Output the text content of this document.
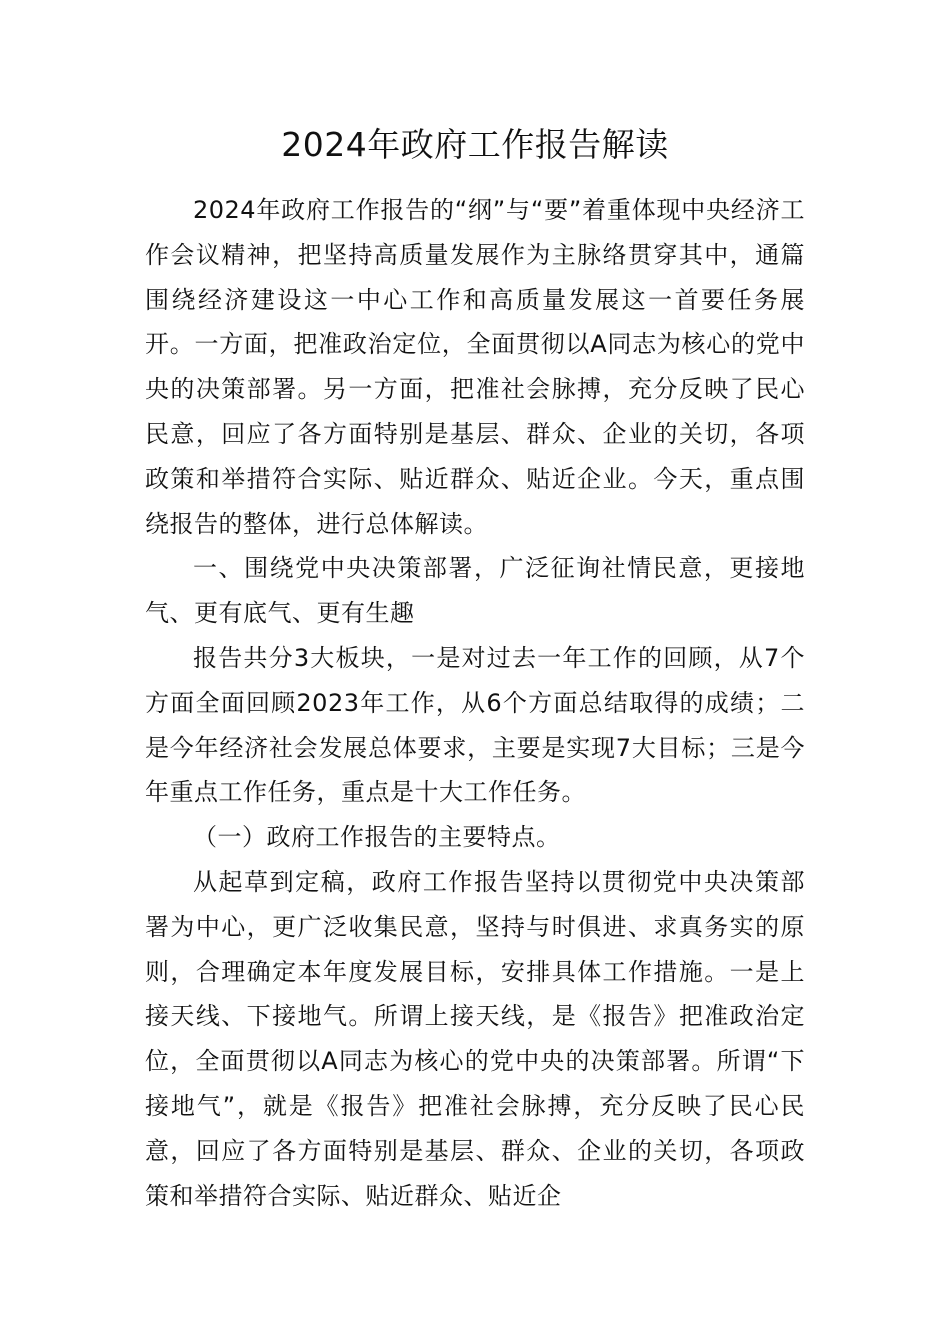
2024年政府工作报告解读

2024年政府工作报告的“纲”与“要”着重体现中央经济工作会议精神，把坚持高质量发展作为主脉络贯穿其中，通篇围绕经济建设这一中心工作和高质量发展这一首要任务展开。一方面，把准政治定位，全面贯彻以A同志为核心的党中央的决策部署。另一方面，把准社会脉搏，充分反映了民心民意，回应了各方面特别是基层、群众、企业的关切，各项政策和举措符合实际、贴近群众、贴近企业。今天，重点围绕报告的整体，进行总体解读。

一、围绕党中央决策部署，广泛征询社情民意，更接地气、更有底气、更有生趣

报告共分3大板块，一是对过去一年工作的回顾，从7个方面全面回顾2023年工作，从6个方面总结取得的成绩；二是今年经济社会发展总体要求，主要是实现7大目标；三是今年重点工作任务，重点是十大工作任务。

（一）政府工作报告的主要特点。

从起草到定稿，政府工作报告坚持以贯彻党中央决策部署为中心，更广泛收集民意，坚持与时俱进、求真务实的原则，合理确定本年度发展目标，安排具体工作措施。一是上接天线、下接地气。所谓上接天线，是《报告》把准政治定位，全面贯彻以A同志为核心的党中央的决策部署。所谓“下接地气”，就是《报告》把准社会脉搏，充分反映了民心民意，回应了各方面特别是基层、群众、企业的关切，各项政策和举措符合实际、贴近群众、贴近企
